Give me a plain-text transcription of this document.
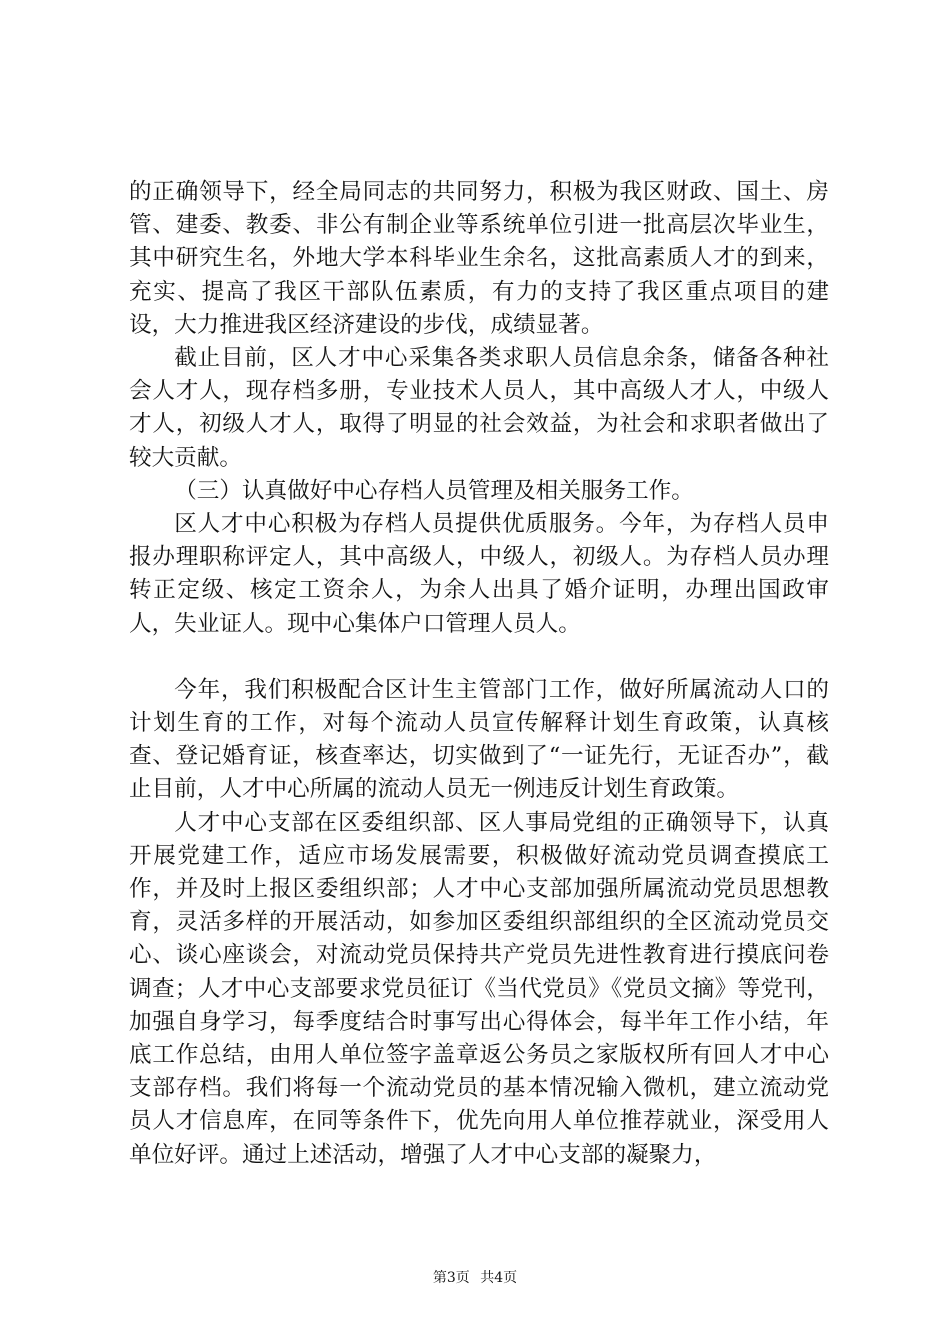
的正确领导下，经全局同志的共同努力，积极为我区财政、国土、房管、建委、教委、非公有制企业等系统单位引进一批高层次毕业生，其中研究生名，外地大学本科毕业生余名，这批高素质人才的到来，充实、提高了我区干部队伍素质，有力的支持了我区重点项目的建设，大力推进我区经济建设的步伐，成绩显著。

截止目前，区人才中心采集各类求职人员信息余条，储备各种社会人才人，现存档多册，专业技术人员人，其中高级人才人，中级人才人，初级人才人，取得了明显的社会效益，为社会和求职者做出了较大贡献。

（三）认真做好中心存档人员管理及相关服务工作。

区人才中心积极为存档人员提供优质服务。今年，为存档人员申报办理职称评定人，其中高级人，中级人，初级人。为存档人员办理转正定级、核定工资余人，为余人出具了婚介证明，办理出国政审人，失业证人。现中心集体户口管理人员人。

今年，我们积极配合区计生主管部门工作，做好所属流动人口的计划生育的工作，对每个流动人员宣传解释计划生育政策，认真核查、登记婚育证，核查率达，切实做到了“一证先行，无证否办”，截止目前，人才中心所属的流动人员无一例违反计划生育政策。

人才中心支部在区委组织部、区人事局党组的正确领导下，认真开展党建工作，适应市场发展需要，积极做好流动党员调查摸底工作，并及时上报区委组织部；人才中心支部加强所属流动党员思想教育，灵活多样的开展活动，如参加区委组织部组织的全区流动党员交心、谈心座谈会，对流动党员保持共产党员先进性教育进行摸底问卷调查；人才中心支部要求党员征订《当代党员》《党员文摘》等党刊，加强自身学习，每季度结合时事写出心得体会，每半年工作小结，年底工作总结，由用人单位签字盖章返公务员之家版权所有回人才中心支部存档。我们将每一个流动党员的基本情况输入微机，建立流动党员人才信息库，在同等条件下，优先向用人单位推荐就业，深受用人单位好评。通过上述活动，增强了人才中心支部的凝聚力，

第3页 共4页
